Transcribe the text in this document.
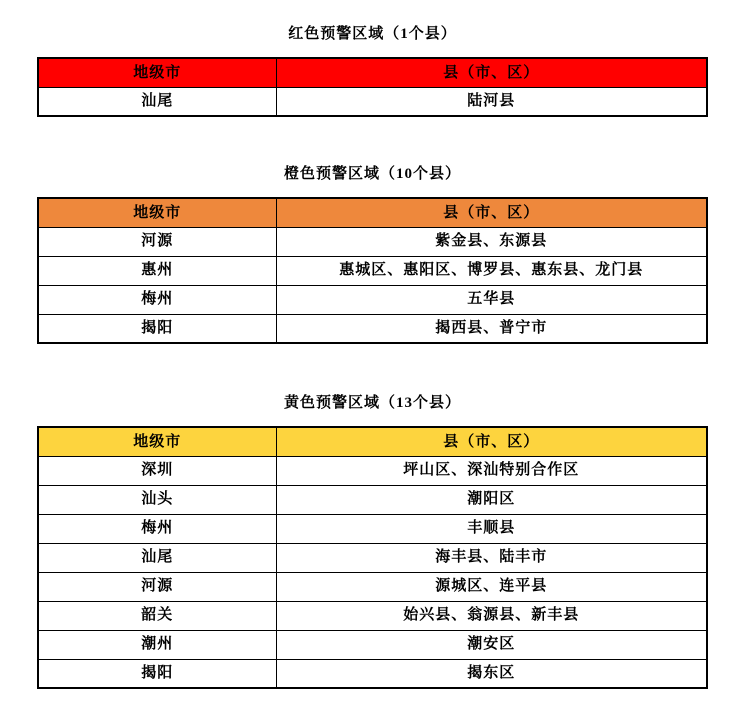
红色预警区域（1个县）
地级市	县（市、区）
汕尾	陆河县
橙色预警区域（10个县）
地级市	县（市、区）
河源	紫金县、东源县
惠州	惠城区、惠阳区、博罗县、惠东县、龙门县
梅州	五华县
揭阳	揭西县、普宁市
黄色预警区域（13个县）
地级市	县（市、区）
深圳	坪山区、深汕特别合作区
汕头	潮阳区
梅州	丰顺县
汕尾	海丰县、陆丰市
河源	源城区、连平县
韶关	始兴县、翁源县、新丰县
潮州	潮安区
揭阳	揭东区
